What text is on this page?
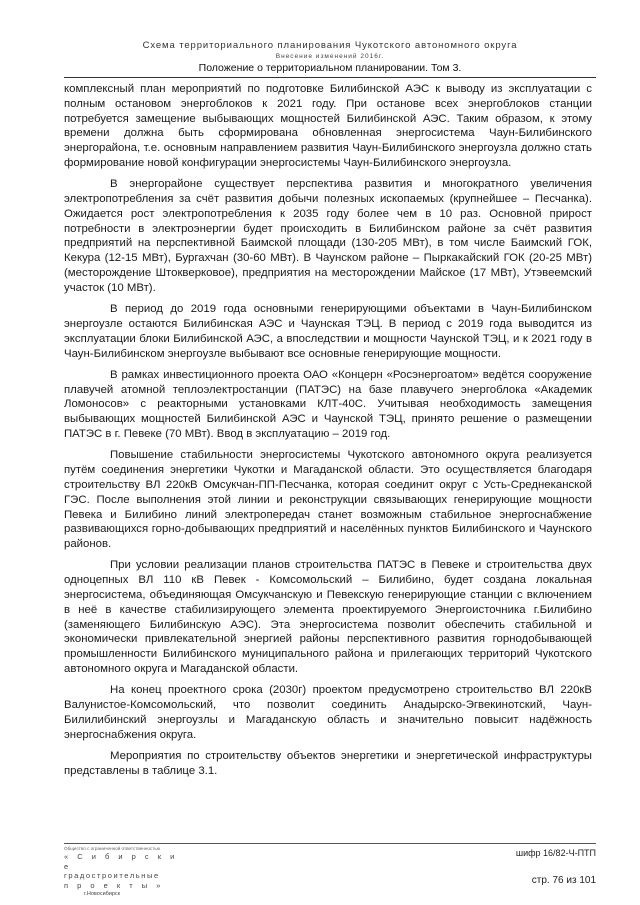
Схема территориального планирования Чукотского автономного округа
Внесение изменений 2016г.
Положение о территориальном планировании. Том 3.

комплексный план мероприятий по подготовке Билибинской АЭС к выводу из эксплуатации с полным остановом энергоблоков к 2021 году. При останове всех энергоблоков станции потребуется замещение выбывающих мощностей Билибинской АЭС. Таким образом, к этому времени должна быть сформирована обновленная энергосистема Чаун-Билибинского энергорайона, т.е. основным направлением развития Чаун-Билибинского энергоузла должно стать формирование новой конфигурации энергосистемы Чаун-Билибинского энергоузла.

В энергорайоне существует перспектива развития и многократного увеличения электропотребления за счёт развития добычи полезных ископаемых (крупнейшее – Песчанка). Ожидается рост электропотребления к 2035 году более чем в 10 раз. Основной прирост потребности в электроэнергии будет происходить в Билибинском районе за счёт развития предприятий на перспективной Баимской площади (130-205 МВт), в том числе Баимский ГОК, Кекура (12-15 МВт), Бургахчан (30-60 МВт). В Чаунском районе – Пыркакайский ГОК (20-25 МВт) (месторождение Штокверковое), предприятия на месторождении Майское (17 МВт), Утэвеемский участок (10 МВт).

В период до 2019 года основными генерирующими объектами в Чаун-Билибинском энергоузле остаются Билибинская АЭС и Чаунская ТЭЦ. В период с 2019 года выводится из эксплуатации блоки Билибинской АЭС, а впоследствии и мощности Чаунской ТЭЦ, и к 2021 году в Чаун-Билибинском энергоузле выбывают все основные генерирующие мощности.

В рамках инвестиционного проекта ОАО «Концерн «Росэнергоатом» ведётся сооружение плавучей атомной теплоэлектростанции (ПАТЭС) на базе плавучего энергоблока «Академик Ломоносов» с реакторными установками КЛТ-40С. Учитывая необходимость замещения выбывающих мощностей Билибинской АЭС и Чаунской ТЭЦ, принято решение о размещении ПАТЭС в г. Певеке (70 МВт). Ввод в эксплуатацию – 2019 год.

Повышение стабильности энергосистемы Чукотского автономного округа реализуется путём соединения энергетики Чукотки и Магаданской области. Это осуществляется благодаря строительству ВЛ 220кВ Омсукчан-ПП-Песчанка, которая соединит округ с Усть-Среднеканской ГЭС. После выполнения этой линии и реконструкции связывающих генерирующие мощности Певека и Билибино линий электропередач станет возможным стабильное энергоснабжение развивающихся горно-добывающих предприятий и населённых пунктов Билибинского и Чаунского районов.

При условии реализации планов строительства ПАТЭС в Певеке и строительства двух одноцепных ВЛ 110 кВ Певек - Комсомольский – Билибино, будет создана локальная энергосистема, объединяющая Омсукчанскую и Певекскую генерирующие станции с включением в неё в качестве стабилизирующего элемента проектируемого Энергоисточника г.Билибино (заменяющего Билибинскую АЭС). Эта энергосистема позволит обеспечить стабильной и экономически привлекательной энергией районы перспективного развития горнодобывающей промышленности Билибинского муниципального района и прилегающих территорий Чукотского автономного округа и Магаданской области.

На конец проектного срока (2030г) проектом предусмотрено строительство ВЛ 220кВ Валунистое-Комсомольский, что позволит соединить Анадырско-Эгвекинотский, Чаун-Билилибинский энергоузлы и Магаданскую область и значительно повысит надёжность энергоснабжения округа.

Мероприятия по строительству объектов энергетики и энергетической инфраструктуры представлены в таблице 3.1.

Общество с ограниченной ответственностью
« С и б и р с к и е
градостроительные
п р о е к т ы »
г.Новосибирск
шифр 16/82-Ч-ПТП
стр. 76 из 101
